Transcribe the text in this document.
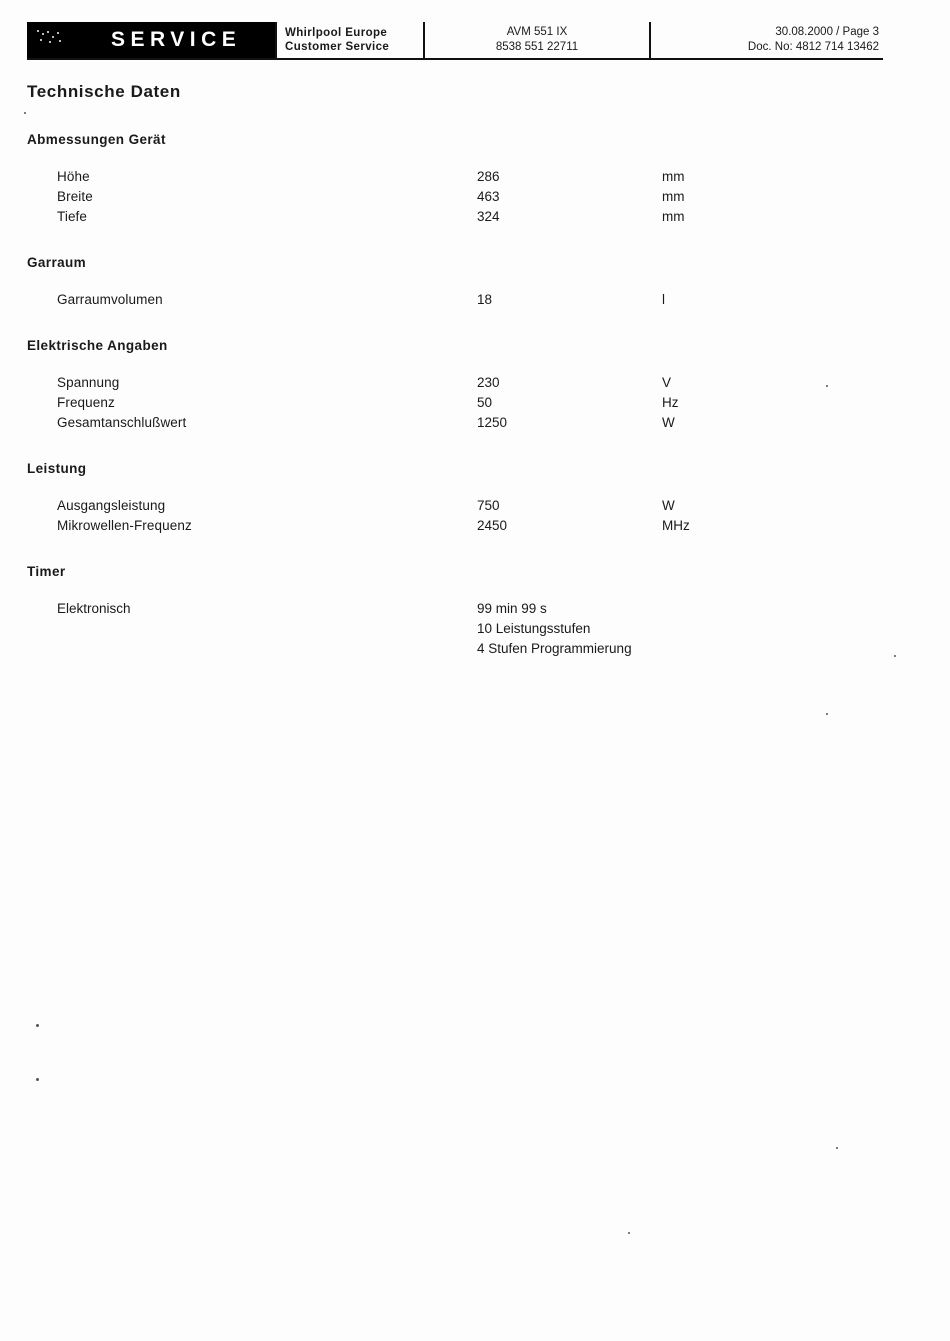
SERVICE	Whirlpool Europe
Customer Service
AVM 551 IX
8538 551 22711
30.08.2000 / Page 3
Doc. No: 4812 714 13462
Technische Daten
Abmessungen Gerät
Höhe	286	mm
Breite	463	mm
Tiefe	324	mm
Garraum
Garraumvolumen	18	l
Elektrische Angaben
Spannung	230	V
Frequenz	50	Hz
Gesamtanschlußwert	1250	W
Leistung
Ausgangsleistung	750	W
Mikrowellen-Frequenz	2450	MHz
Timer
Elektronisch	99 min 99 s
10 Leistungsstufen
4 Stufen Programmierung
